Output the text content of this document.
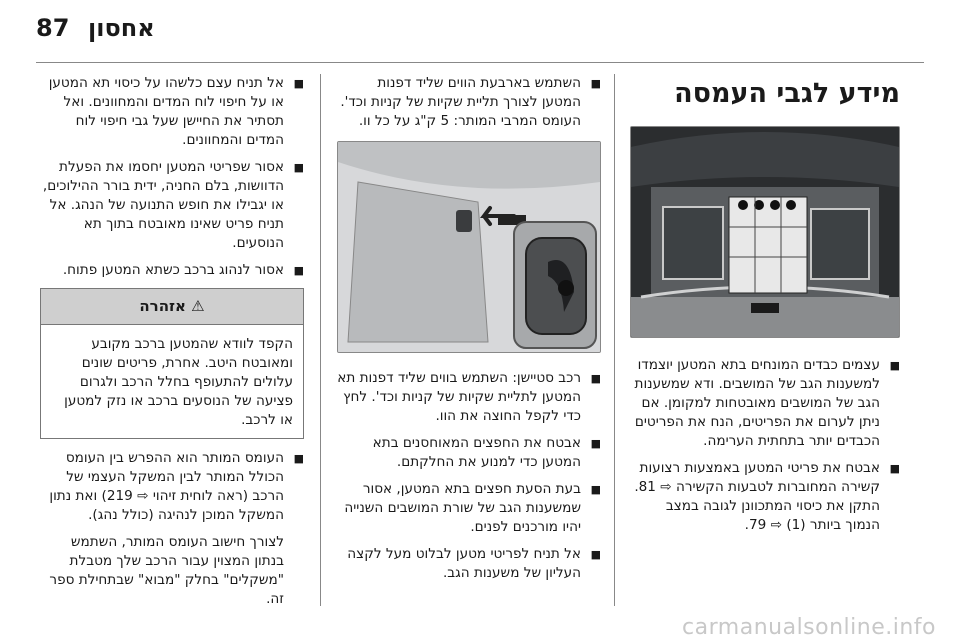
87 אחסון
מידע לגבי העמסה
■ עצמים כבדים המונחים בתא המטען יוצמדו למשענות הגב של המושבים. ודא שמשענות הגב של המושבים מאובטחות למקומן. אם ניתן לערום את הפריטים, הנח את הפריטים הכבדים יותר בתחתית הערימה.
■ אבטח את פריטי המטען באמצעות רצועות קשירה המחוברות לטבעות הקשירה ⇨ 81. התקן את כיסוי המתכוונן לגובה במצב הנמוך ביותר (1) ⇨ 79.
■ השתמש בארבעת הווים שליד דפנות המטען לצורך תליית שקיות של קניות וכד'. העומס המרבי המותר: 5 ק"ג על כל וו.
■ רכב סטיישן: השתמש בווים שליד דפנות תא המטען לתליית שקיות של קניות וכד'. לחץ כדי לקפל החוצה את הוו.
■ אבטח את החפצים המאוחסנים בתא המטען כדי למנוע את החלקתם.
■ בעת הסעת חפצים בתא המטען, אסור שמשענות הגב של שורת המושבים השנייה יהיו מורכנים לפנים.
■ אל תניח לפריטי מטען לבלוט מעל לקצה העליון של משענות הגב.
■ אל תניח עצם כלשהו על כיסוי תא המטען או על חיפוי לוח המדים והמחוונים. ואל תסתיר את החיישן שעל גבי חיפוי לוח המדים והמחוונים.
■ אסור שפריטי המטען יחסמו את הפעלת הדוושות, בלם החניה, ידית בורר ההילוכים, או יגבילו את חופש התנועה של הנהג. אל תניח פריט שאינו מאובטח בתוך תא הנוסעים.
■ אסור לנהוג ברכב כשתא המטען פתוח.
⚠ אזהרה
הקפד לוודא שהמטען ברכב מקובע ומאובטח היטב. אחרת, פריטים שונים עלולים להתעופף בחלל הרכב ולגרום פציעה של הנוסעים ברכב או נזק למטען או לרכב.
■ העומס המותר הוא ההפרש בין העומס הכולל המותר לבין המשקל העצמי של הרכב (ראה לוחית זיהוי ⇨ 219) ואת נתון המשקל המוכן לנהיגה (כולל נהג).

לצורך חישוב העומס המותר, השתמש בנתון המצוין עבור הרכב שלך מטבלת "משקלים" בחלק "מבוא" שבתחילת ספר זה.

carmanualsonline.info
